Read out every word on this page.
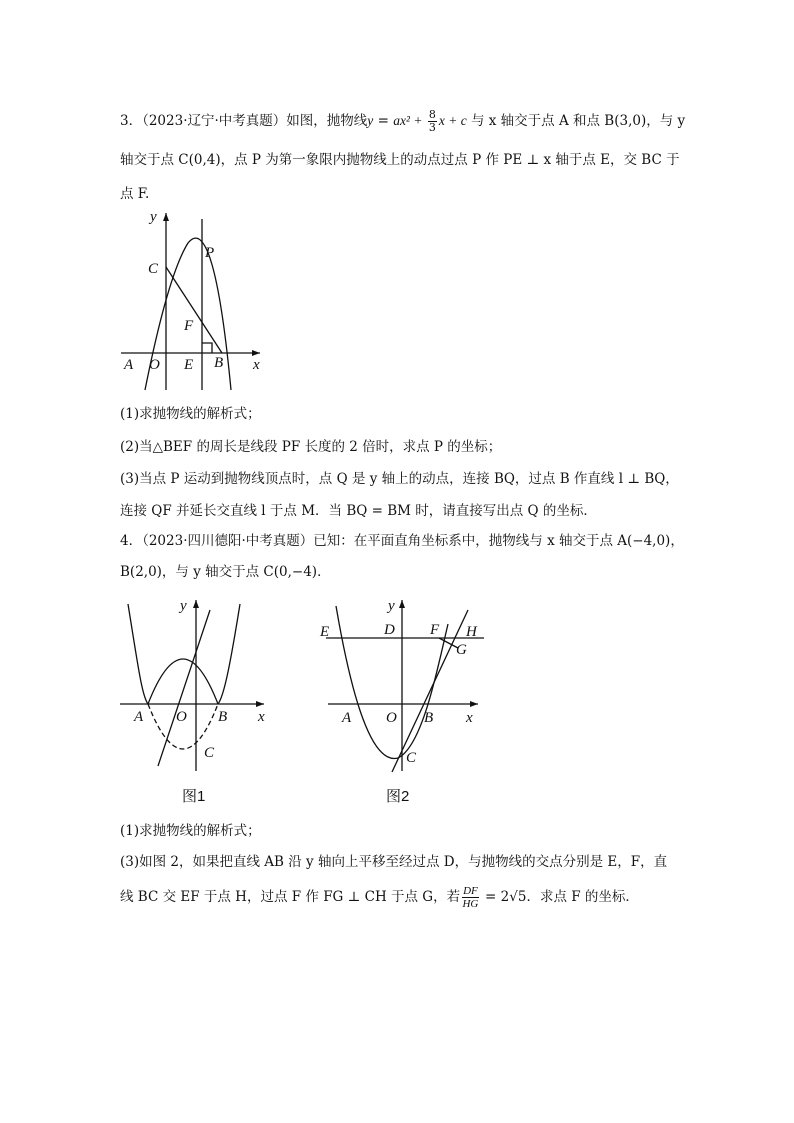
3．（2023·辽宁·中考真题）如图，抛物线$y = ax^2 + \frac{8}{3}$ x + c 与 x 轴交于点 A 和点 B(3,0)，与 y
轴交于点 C(0,4)，点 P 为第一象限内抛物线上的动点过点 P 作 PE ⊥ x 轴于点 E，交 BC 于
点 F.
y
C
P
F
A O E B x
(1)求抛物线的解析式；
(2)当△BEF 的周长是线段 PF 长度的 2 倍时，求点 P 的坐标；
(3)当点 P 运动到抛物线顶点时，点 Q 是 y 轴上的动点，连接 BQ，过点 B 作直线 l ⊥ BQ，
连接 QF 并延长交直线 l 于点 M．当 BQ = BM 时，请直接写出点 Q 的坐标．
4．（2023·四川德阳·中考真题）已知：在平面直角坐标系中，抛物线与 x 轴交于点 A(−4,0)，
B(2,0)，与 y 轴交于点 C(0,−4)．
y
A O B x
C
图1
y
E	D F H
G
A O B x
C
图2
(1)求抛物线的解析式；
(3)如图 2，如果把直线 AB 沿 y 轴向上平移至经过点 D，与抛物线的交点分别是 E，F，直
线 BC 交 EF 于点 H，过点 F 作 FG ⊥ CH 于点 G，若 $\frac{DF}{HG} = 2√5$．求点 F 的坐标．
